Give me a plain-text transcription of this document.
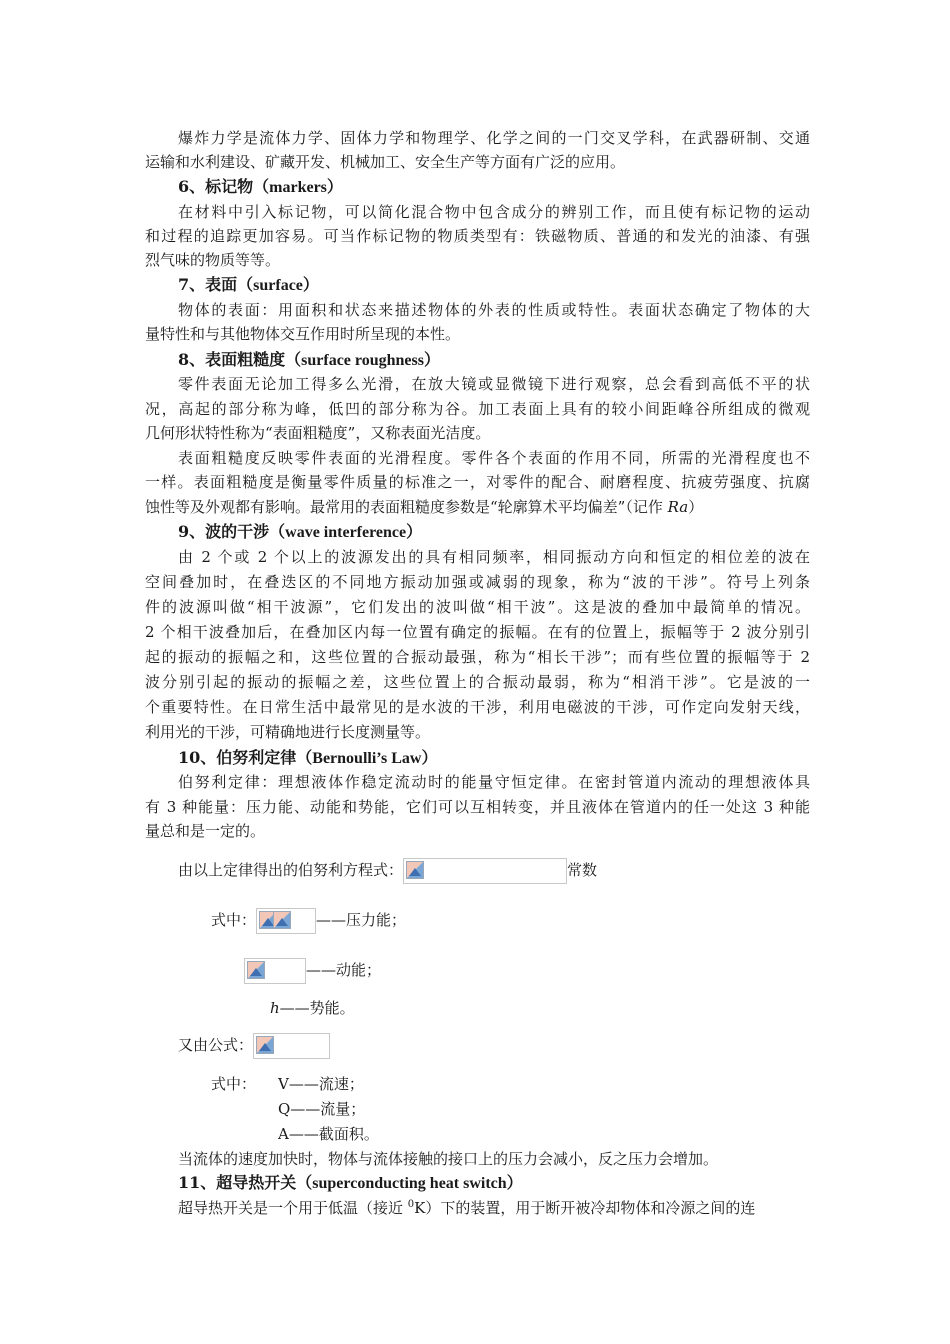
爆炸力学是流体力学、固体力学和物理学、化学之间的一门交叉学科，在武器研制、交通
运输和水利建设、矿藏开发、机械加工、安全生产等方面有广泛的应用。
6、标记物（markers）
在材料中引入标记物，可以简化混合物中包含成分的辨别工作，而且使有标记物的运动
和过程的追踪更加容易。可当作标记物的物质类型有：铁磁物质、普通的和发光的油漆、有强
烈气味的物质等等。
7、表面（surface）
物体的表面：用面积和状态来描述物体的外表的性质或特性。表面状态确定了物体的大
量特性和与其他物体交互作用时所呈现的本性。
8、表面粗糙度（surface roughness）
零件表面无论加工得多么光滑，在放大镜或显微镜下进行观察，总会看到高低不平的状
况，高起的部分称为峰，低凹的部分称为谷。加工表面上具有的较小间距峰谷所组成的微观
几何形状特性称为“表面粗糙度”，又称表面光洁度。
表面粗糙度反映零件表面的光滑程度。零件各个表面的作用不同，所需的光滑程度也不
一样。表面粗糙度是衡量零件质量的标准之一，对零件的配合、耐磨程度、抗疲劳强度、抗腐
蚀性等及外观都有影响。最常用的表面粗糙度参数是“轮廓算术平均偏差”（记作 Ra）
9、波的干涉（wave interference）
由 2 个或 2 个以上的波源发出的具有相同频率，相同振动方向和恒定的相位差的波在
空间叠加时，在叠迭区的不同地方振动加强或减弱的现象，称为“波的干涉”。符号上列条
件的波源叫做“相干波源”，它们发出的波叫做“相干波”。这是波的叠加中最简单的情况。
2 个相干波叠加后，在叠加区内每一位置有确定的振幅。在有的位置上，振幅等于 2 波分别引
起的振动的振幅之和，这些位置的合振动最强，称为“相长干涉”；而有些位置的振幅等于 2
波分别引起的振动的振幅之差，这些位置上的合振动最弱，称为“相消干涉”。它是波的一
个重要特性。在日常生活中最常见的是水波的干涉，利用电磁波的干涉，可作定向发射天线，
利用光的干涉，可精确地进行长度测量等。
10、伯努利定律（Bernoulli’s Law）
伯努利定律：理想液体作稳定流动时的能量守恒定律。在密封管道内流动的理想液体具
有 3 种能量：压力能、动能和势能，它们可以互相转变，并且液体在管道内的任一处这 3 种能
量总和是一定的。
由以上定律得出的伯努利方程式：	常数
式中：	——压力能；
——动能；
h——势能。
又由公式：
式中： V——流速；
Q——流量；
A——截面积。
当流体的速度加快时，物体与流体接触的接口上的压力会减小，反之压力会增加。
11、超导热开关（superconducting heat switch）
超导热开关是一个用于低温（接近 $^0$K）下的装置，用于断开被冷却物体和冷源之间的连
